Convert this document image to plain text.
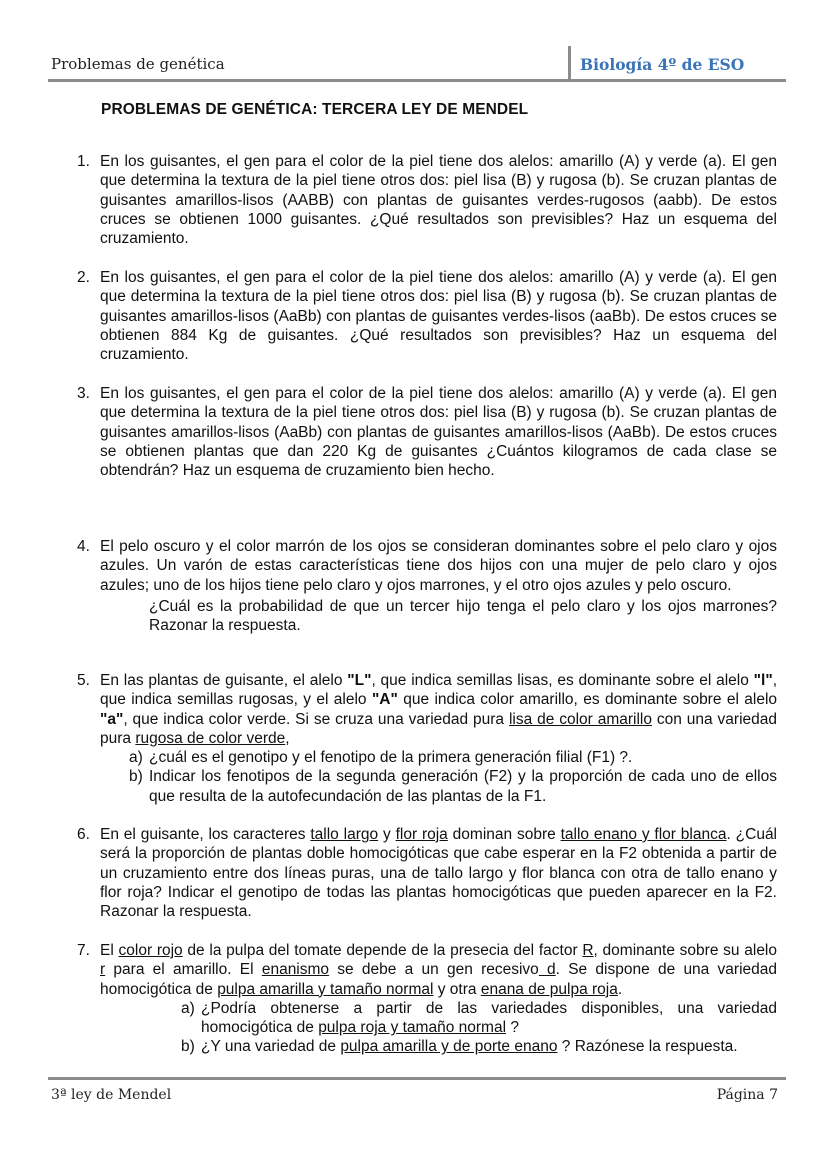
Problemas de genética	Biología 4º de ESO
PROBLEMAS DE GENÉTICA: TERCERA LEY DE MENDEL
1. En los guisantes, el gen para el color de la piel tiene dos alelos: amarillo (A) y verde (a). El gen que determina la textura de la piel tiene otros dos: piel lisa (B) y rugosa (b). Se cruzan plantas de guisantes amarillos-lisos (AABB) con plantas de guisantes verdes-rugosos (aabb). De estos cruces se obtienen 1000 guisantes. ¿Qué resultados son previsibles? Haz un esquema del cruzamiento.
2. En los guisantes, el gen para el color de la piel tiene dos alelos: amarillo (A) y verde (a). El gen que determina la textura de la piel tiene otros dos: piel lisa (B) y rugosa (b). Se cruzan plantas de guisantes amarillos-lisos (AaBb) con plantas de guisantes verdes-lisos (aaBb). De estos cruces se obtienen 884 Kg de guisantes. ¿Qué resultados son previsibles? Haz un esquema del cruzamiento.
3. En los guisantes, el gen para el color de la piel tiene dos alelos: amarillo (A) y verde (a). El gen que determina la textura de la piel tiene otros dos: piel lisa (B) y rugosa (b). Se cruzan plantas de guisantes amarillos-lisos (AaBb) con plantas de guisantes amarillos-lisos (AaBb). De estos cruces se obtienen plantas que dan 220 Kg de guisantes ¿Cuántos kilogramos de cada clase se obtendrán? Haz un esquema de cruzamiento bien hecho.
4. El pelo oscuro y el color marrón de los ojos se consideran dominantes sobre el pelo claro y ojos azules. Un varón de estas características tiene dos hijos con una mujer de pelo claro y ojos azules; uno de los hijos tiene pelo claro y ojos marrones, y el otro ojos azules y pelo oscuro.
¿Cuál es la probabilidad de que un tercer hijo tenga el pelo claro y los ojos marrones? Razonar la respuesta.
5. En las plantas de guisante, el alelo "L", que indica semillas lisas, es dominante sobre el alelo "l", que indica semillas rugosas, y el alelo "A" que indica color amarillo, es dominante sobre el alelo "a", que indica color verde. Si se cruza una variedad pura lisa de color amarillo con una variedad pura rugosa de color verde,
a) ¿cuál es el genotipo y el fenotipo de la primera generación filial (F1) ?.
b) Indicar los fenotipos de la segunda generación (F2) y la proporción de cada uno de ellos que resulta de la autofecundación de las plantas de la F1.
6. En el guisante, los caracteres tallo largo y flor roja dominan sobre tallo enano y flor blanca. ¿Cuál será la proporción de plantas doble homocigóticas que cabe esperar en la F2 obtenida a partir de un cruzamiento entre dos líneas puras, una de tallo largo y flor blanca con otra de tallo enano y flor roja? Indicar el genotipo de todas las plantas homocigóticas que pueden aparecer en la F2. Razonar la respuesta.
7. El color rojo de la pulpa del tomate depende de la presecia del factor R, dominante sobre su alelo r para el amarillo. El enanismo se debe a un gen recesivo d. Se dispone de una variedad homocigótica de pulpa amarilla y tamaño normal y otra enana de pulpa roja.
a) ¿Podría obtenerse a partir de las variedades disponibles, una variedad homocigótica de pulpa roja y tamaño normal ?
b) ¿Y una variedad de pulpa amarilla y de porte enano ? Razónese la respuesta.
3ª ley de Mendel	Página 7
